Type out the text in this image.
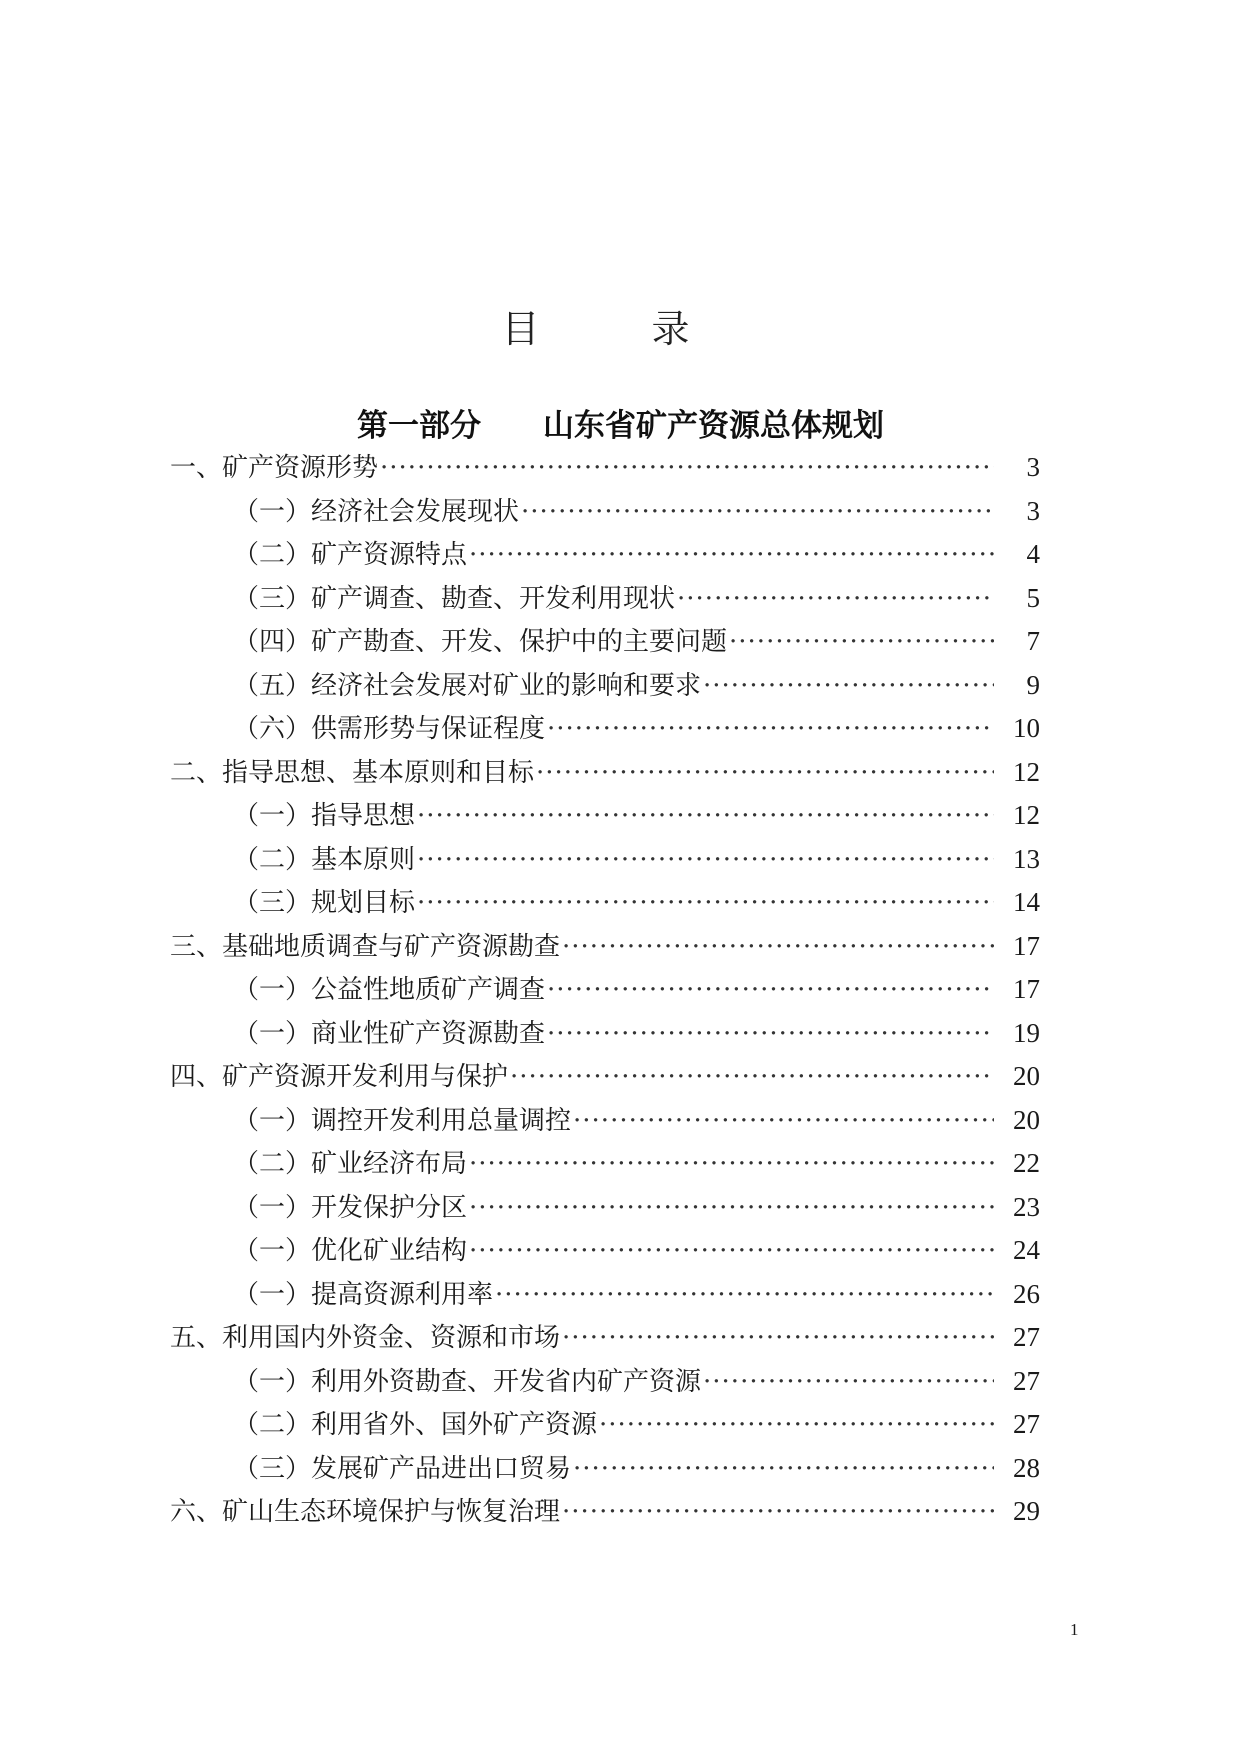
目 录
第一部分　　山东省矿产资源总体规划
一、矿产资源形势 ·····	3
（一）经济社会发展现状 ·····	3
（二）矿产资源特点 ·····	4
（三）矿产调查、勘查、开发利用现状 ·····	5
（四）矿产勘查、开发、保护中的主要问题 ·····	7
（五）经济社会发展对矿业的影响和要求 ·····	9
（六）供需形势与保证程度 ·····	10
二、指导思想、基本原则和目标 ·····	12
（一）指导思想 ·····	12
（二）基本原则 ·····	13
（三）规划目标 ·····	14
三、基础地质调查与矿产资源勘查 ·····	17
（一）公益性地质矿产调查 ·····	17
（一）商业性矿产资源勘查 ·····	19
四、矿产资源开发利用与保护 ·····	20
（一）调控开发利用总量调控 ·····	20
（二）矿业经济布局 ·····	22
（一）开发保护分区 ·····	23
（一）优化矿业结构 ·····	24
（一）提高资源利用率 ·····	26
五、利用国内外资金、资源和市场 ·····	27
（一）利用外资勘查、开发省内矿产资源 ·····	27
（二）利用省外、国外矿产资源 ·····	27
（三）发展矿产品进出口贸易 ·····	28
六、矿山生态环境保护与恢复治理 ·····	29
1
